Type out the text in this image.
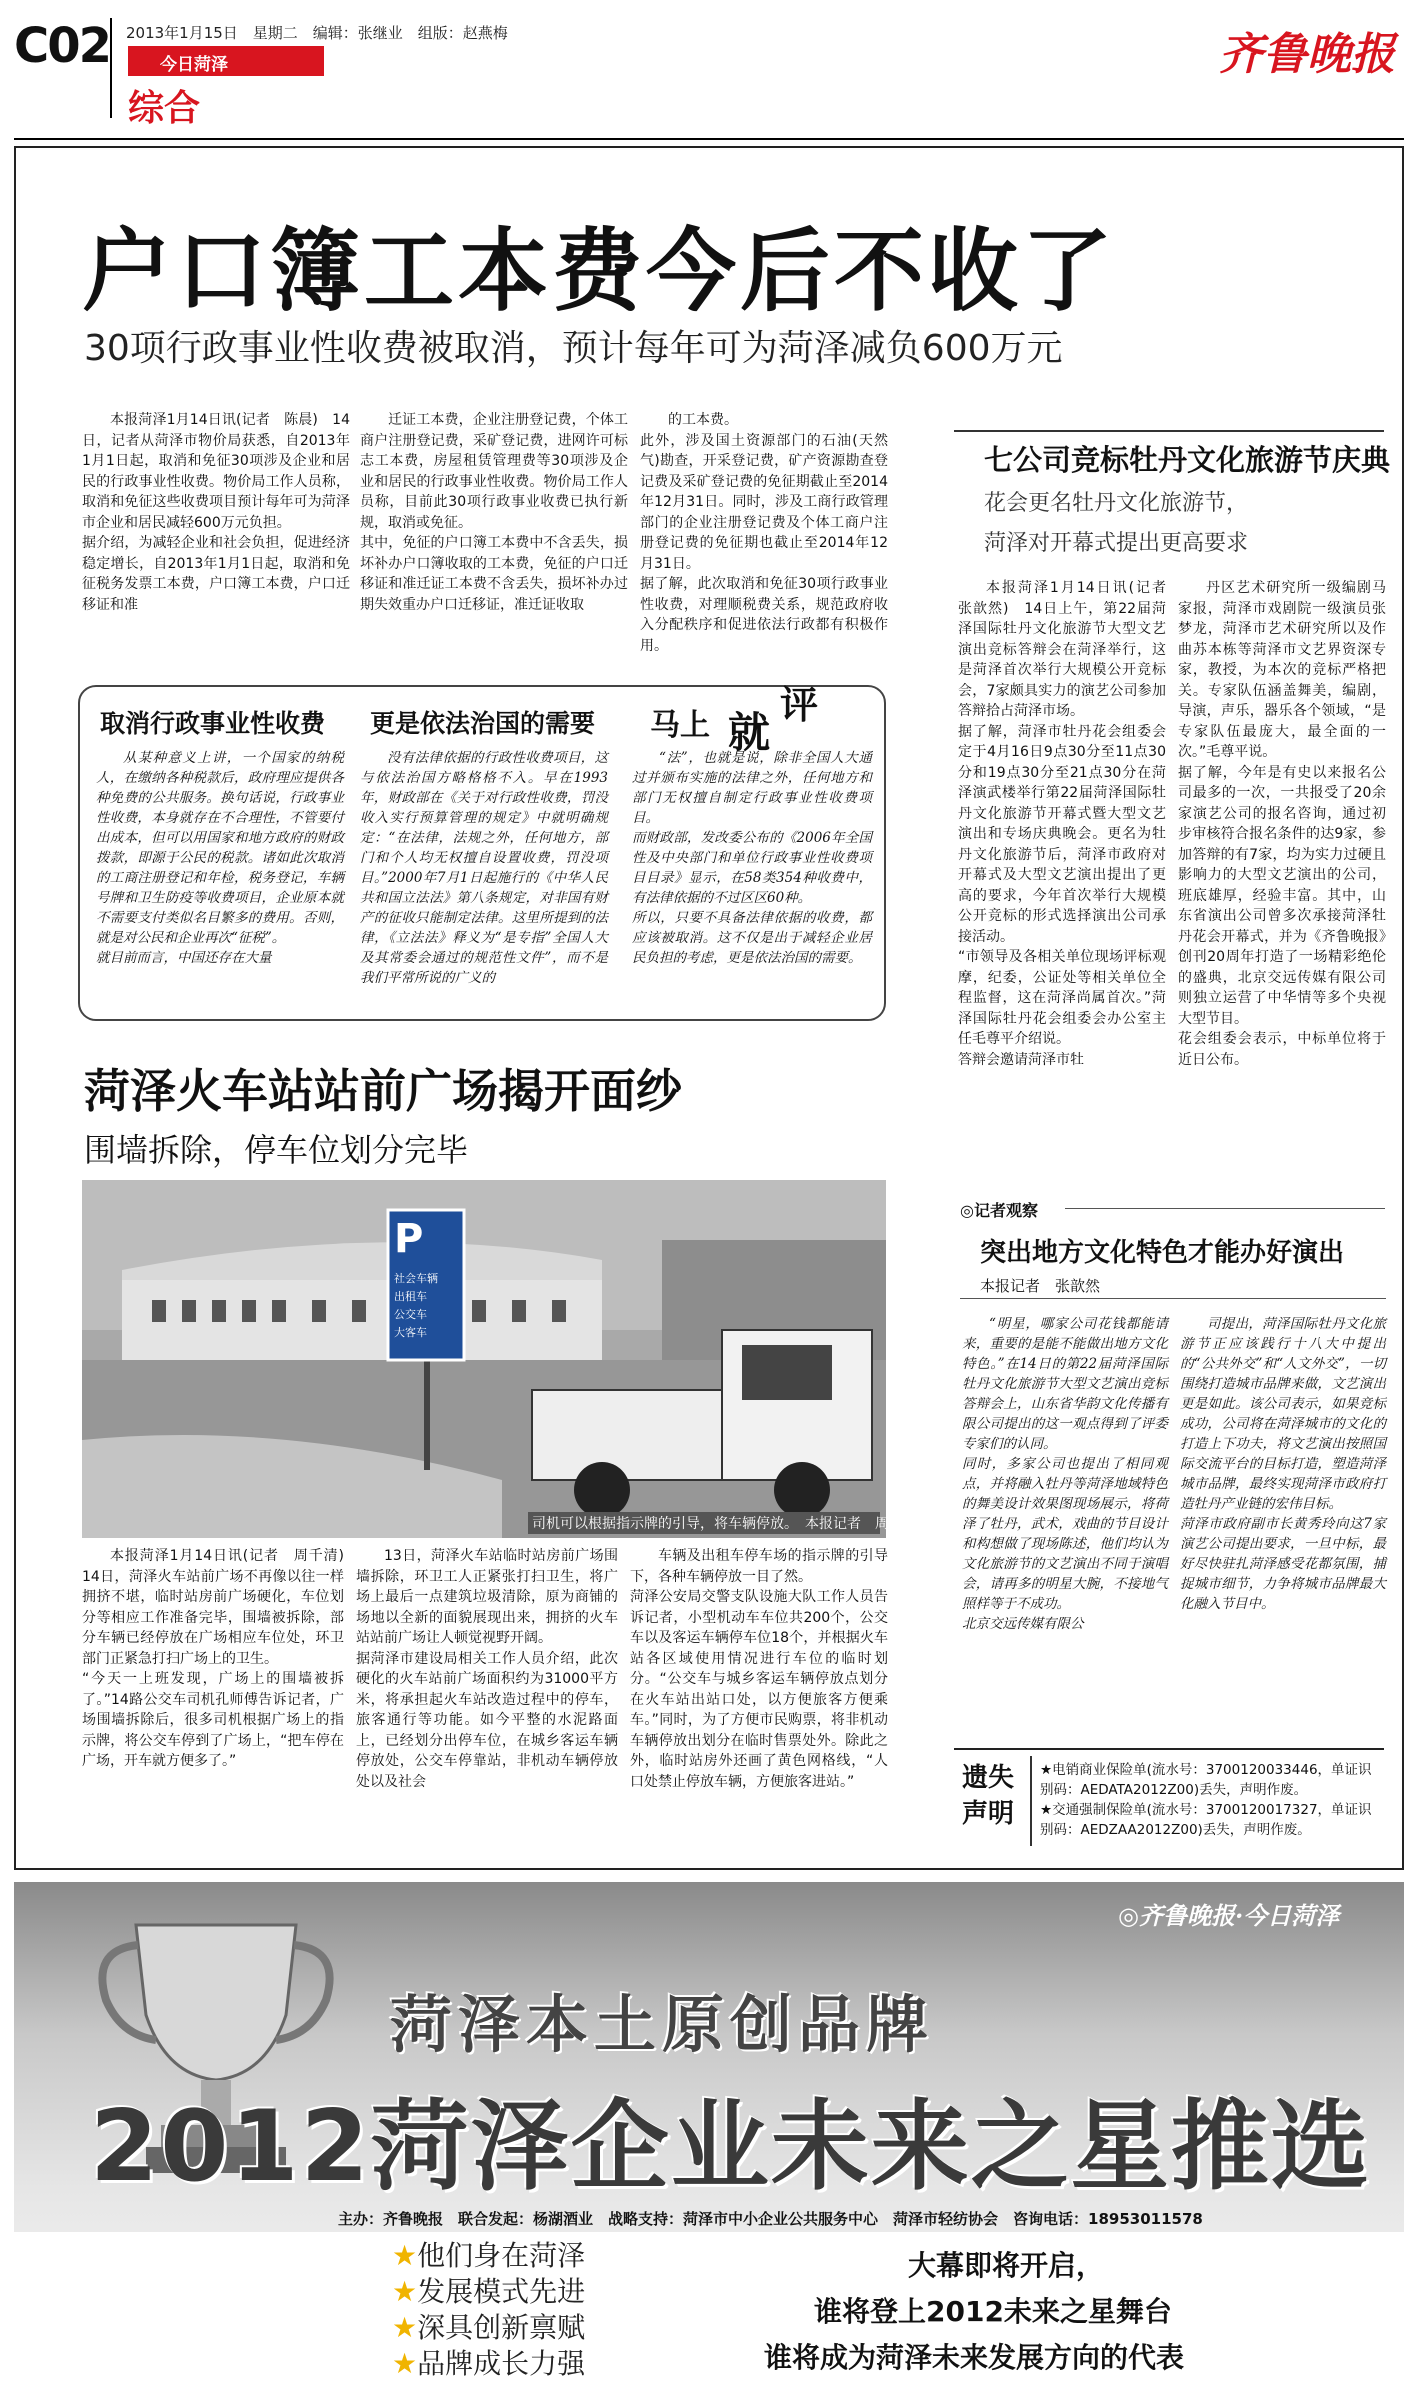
C02 2013年1月15日　星期二　编辑：张继业　组版：赵燕梅
今日菏泽
综合
齐鲁晚报
户口簿工本费今后不收了
30项行政事业性收费被取消，预计每年可为菏泽减负600万元
本报菏泽1月14日讯(记者　陈晨)　14日，记者从菏泽市物价局获悉，自2013年1月1日起，取消和免征30项涉及企业和居民的行政事业性收费。物价局工作人员称，取消和免征这些收费项目预计每年可为菏泽市企业和居民减轻600万元负担。
据介绍，为减轻企业和社会负担，促进经济稳定增长，自2013年1月1日起，取消和免征税务发票工本费，户口簿工本费，户口迁移证和准
迁证工本费，企业注册登记费，个体工商户注册登记费，采矿登记费，进网许可标志工本费，房屋租赁管理费等30项涉及企业和居民的行政事业性收费。物价局工作人员称，目前此30项行政事业收费已执行新规，取消或免征。
其中，免征的户口簿工本费中不含丢失，损坏补办户口簿收取的工本费，免征的户口迁移证和准迁证工本费不含丢失，损坏补办过期失效重办户口迁移证，准迁证收取
的工本费。
此外，涉及国土资源部门的石油(天然气)勘查，开采登记费，矿产资源勘查登记费及采矿登记费的免征期截止至2014年12月31日。同时，涉及工商行政管理部门的企业注册登记费及个体工商户注册登记费的免征期也截止至2014年12月31日。
据了解，此次取消和免征30项行政事业性收费，对理顺税费关系，规范政府收入分配秩序和促进依法行政都有积极作用。
取消行政事业性收费 更是依法治国的需要 马上 就
评
从某种意义上讲，一个国家的纳税人，在缴纳各种税款后，政府理应提供各种免费的公共服务。换句话说，行政事业性收费，本身就存在不合理性，不管要付出成本，但可以用国家和地方政府的财政拨款，即源于公民的税款。诸如此次取消的工商注册登记和年检，税务登记，车辆号牌和卫生防疫等收费项目，企业原本就不需要支付类似名目繁多的费用。否则，就是对公民和企业再次“征税”。
就目前而言，中国还存在大量
没有法律依据的行政性收费项目，这与依法治国方略格格不入。早在1993年，财政部在《关于对行政性收费，罚没收入实行预算管理的规定》中就明确规定：“在法律，法规之外，任何地方，部门和个人均无权擅自设置收费，罚没项目。”2000年7月1日起施行的《中华人民共和国立法法》第八条规定，对非国有财产的征收只能制定法律。这里所提到的法律，《立法法》释义为“是专指”全国人大及其常委会通过的规范性文件”，而不是我们平常所说的广义的
“法”，也就是说，除非全国人大通过并颁布实施的法律之外，任何地方和部门无权擅自制定行政事业性收费项目。
而财政部，发改委公布的《2006年全国性及中央部门和单位行政事业性收费项目目录》显示，在58类354种收费中，有法律依据的不过区区60种。
所以，只要不具备法律依据的收费，都应该被取消。这不仅是出于减轻企业居民负担的考虑，更是依法治国的需要。
菏泽火车站站前广场揭开面纱
围墙拆除，停车位划分完毕
P
社会车辆
出租车
公交车
大客车
司机可以根据指示牌的引导，将车辆停放。　本报记者　周千清　摄
本报菏泽1月14日讯(记者　周千清)　14日，菏泽火车站前广场不再像以往一样拥挤不堪，临时站房前广场硬化，车位划分等相应工作准备完毕，围墙被拆除，部分车辆已经停放在广场相应车位处，环卫部门正紧急打扫广场上的卫生。
“今天一上班发现，广场上的围墙被拆了。”14路公交车司机孔师傅告诉记者，广场围墙拆除后，很多司机根据广场上的指示牌，将公交车停到了广场上，“把车停在广场，开车就方便多了。”
13日，菏泽火车站临时站房前广场围墙拆除，环卫工人正紧张打扫卫生，将广场上最后一点建筑垃圾清除，原为商铺的场地以全新的面貌展现出来，拥挤的火车站站前广场让人顿觉视野开阔。
据菏泽市建设局相关工作人员介绍，此次硬化的火车站前广场面积约为31000平方米，将承担起火车站改造过程中的停车，旅客通行等功能。如今平整的水泥路面上，已经划分出停车位，在城乡客运车辆停放处，公交车停靠站，非机动车辆停放处以及社会
车辆及出租车停车场的指示牌的引导下，各种车辆停放一目了然。
菏泽公安局交警支队设施大队工作人员告诉记者，小型机动车车位共200个，公交车以及客运车辆停车位18个，并根据火车站各区域使用情况进行车位的临时划分。“公交车与城乡客运车辆停放点划分在火车站出站口处，以方便旅客方便乘车。”同时，为了方便市民购票，将非机动车辆停放出划分在临时售票处外。除此之外，临时站房外还画了黄色网格线，“人口处禁止停放车辆，方便旅客进站。”
七公司竞标牡丹文化旅游节庆典
花会更名牡丹文化旅游节，
菏泽对开幕式提出更高要求
本报菏泽1月14日讯(记者　张歆然)　14日上午，第22届菏泽国际牡丹文化旅游节大型文艺演出竞标答辩会在菏泽举行，这是菏泽首次举行大规模公开竞标会，7家颇具实力的演艺公司参加答辩拾占菏泽市场。
据了解，菏泽市牡丹花会组委会定于4月16日9点30分至11点30分和19点30分至21点30分在菏泽演武楼举行第22届菏泽国际牡丹文化旅游节开幕式暨大型文艺演出和专场庆典晚会。更名为牡丹文化旅游节后，菏泽市政府对开幕式及大型文艺演出提出了更高的要求，今年首次举行大规模公开竞标的形式选择演出公司承接活动。
“市领导及各相关单位现场评标观摩，纪委，公证处等相关单位全程监督，这在菏泽尚属首次。”菏泽国际牡丹花会组委会办公室主任毛尊平介绍说。
答辩会邀请菏泽市牡
丹区艺术研究所一级编剧马家报，菏泽市戏剧院一级演员张梦龙，菏泽市艺术研究所以及作曲苏本栋等菏泽市文艺界资深专家，教授，为本次的竞标严格把关。专家队伍涵盖舞美，编剧，导演，声乐，器乐各个领域，“是专家队伍最庞大，最全面的一次。”毛尊平说。
据了解，今年是有史以来报名公司最多的一次，一共报受了20余家演艺公司的报名咨询，通过初步审核符合报名条件的达9家，参加答辩的有7家，均为实力过硬且影响力的大型文艺演出的公司，班底雄厚，经验丰富。其中，山东省演出公司曾多次承接菏泽牡丹花会开幕式，并为《齐鲁晚报》创刊20周年打造了一场精彩绝伦的盛典，北京交远传媒有限公司则独立运营了中华情等多个央视大型节目。
花会组委会表示，中标单位将于近日公布。
◎记者观察
突出地方文化特色才能办好演出
本报记者　张歆然
“明星，哪家公司花钱都能请来，重要的是能不能做出地方文化特色。”在14日的第22届菏泽国际牡丹文化旅游节大型文艺演出竞标答辩会上，山东省华韵文化传播有限公司提出的这一观点得到了评委专家们的认同。
同时，多家公司也提出了相同观点，并将融入牡丹等菏泽地域特色的舞美设计效果图现场展示，将荷泽了牡丹，武术，戏曲的节目设计和构想做了现场陈述，他们均认为文化旅游节的文艺演出不同于演唱会，请再多的明星大腕，不接地气照样等于不成功。
北京交远传媒有限公
司提出，菏泽国际牡丹文化旅游节正应该践行十八大中提出的“公共外交”和“人文外交”，一切围绕打造城市品牌来做，文艺演出更是如此。该公司表示，如果竞标成功，公司将在菏泽城市的文化的打造上下功夫，将文艺演出按照国际交流平台的目标打造，塑造菏泽城市品牌，最终实现菏泽市政府打造牡丹产业链的宏伟目标。
菏泽市政府副市长黄秀玲向这7家演艺公司提出要求，一旦中标，最好尽快驻扎菏泽感受花都氛围，捕捉城市细节，力争将城市品牌最大化融入节目中。
遗失声明
★电销商业保险单(流水号：3700120033446，单证识别码：AEDATA2012Z00)丢失，声明作废。
★交通强制保险单(流水号：3700120017327，单证识别码：AEDZAA2012Z00)丢失，声明作废。
◎齐鲁晚报·今日菏泽
菏泽本土原创品牌
2012菏泽企业未来之星推选
主办：齐鲁晚报　联合发起：杨湖酒业　战略支持：菏泽市中小企业公共服务中心　菏泽市轻纺协会　咨询电话：18953011578
★他们身在菏泽
★发展模式先进
★深具创新禀赋
★品牌成长力强
大幕即将开启，
谁将登上2012未来之星舞台
谁将成为菏泽未来发展方向的代表
